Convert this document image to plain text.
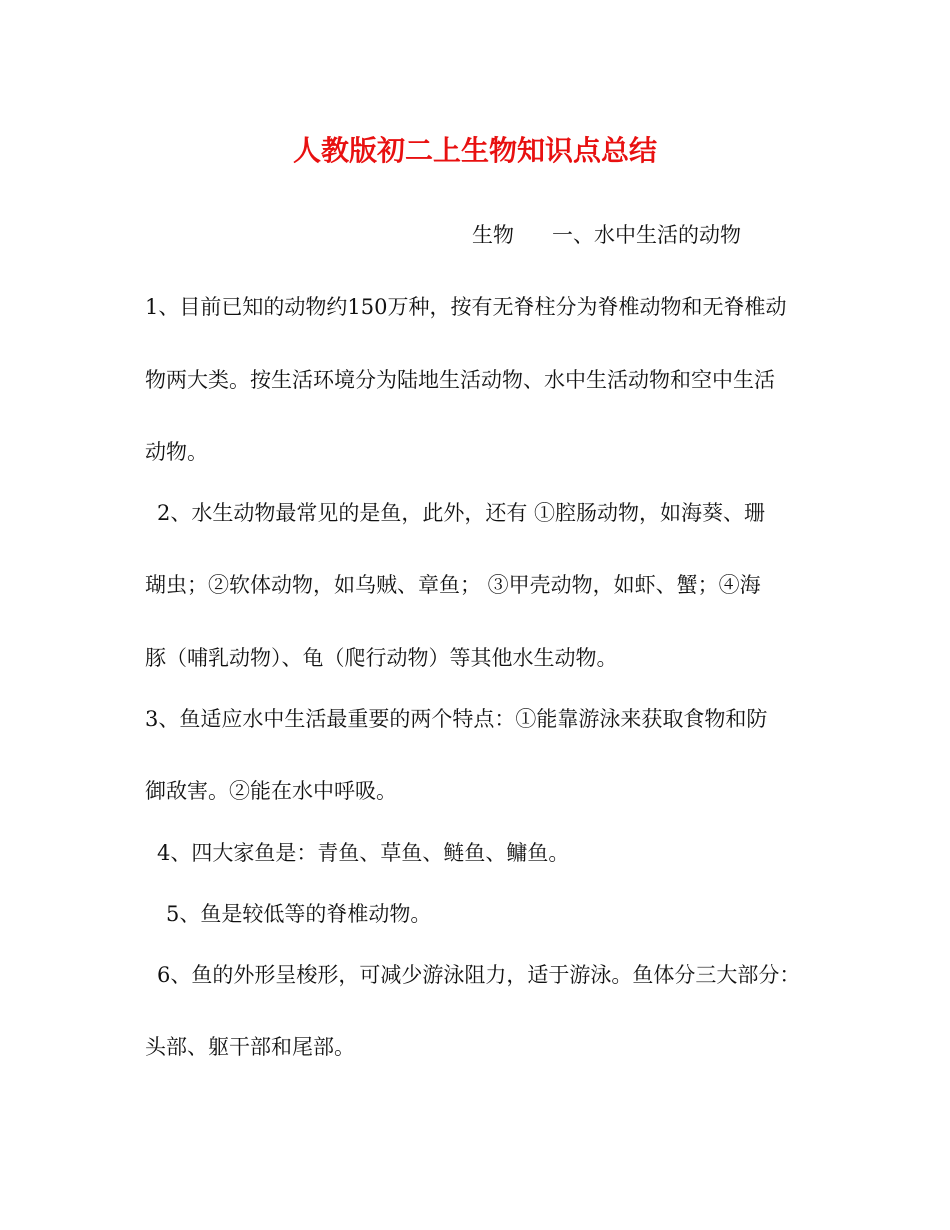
人教版初二上生物知识点总结
生物 一、水中生活的动物
1、目前已知的动物约150万种，按有无脊柱分为脊椎动物和无脊椎动
物两大类。按生活环境分为陆地生活动物、水中生活动物和空中生活
动物。
2、水生动物最常见的是鱼，此外，还有 ①腔肠动物，如海葵、珊
瑚虫；②软体动物，如乌贼、章鱼； ③甲壳动物，如虾、蟹；④海
豚（哺乳动物）、龟（爬行动物）等其他水生动物。
3、鱼适应水中生活最重要的两个特点：①能靠游泳来获取食物和防
御敌害。②能在水中呼吸。
4、四大家鱼是：青鱼、草鱼、鲢鱼、鳙鱼。
5、鱼是较低等的脊椎动物。
6、鱼的外形呈梭形，可减少游泳阻力，适于游泳。鱼体分三大部分：
头部、躯干部和尾部。
